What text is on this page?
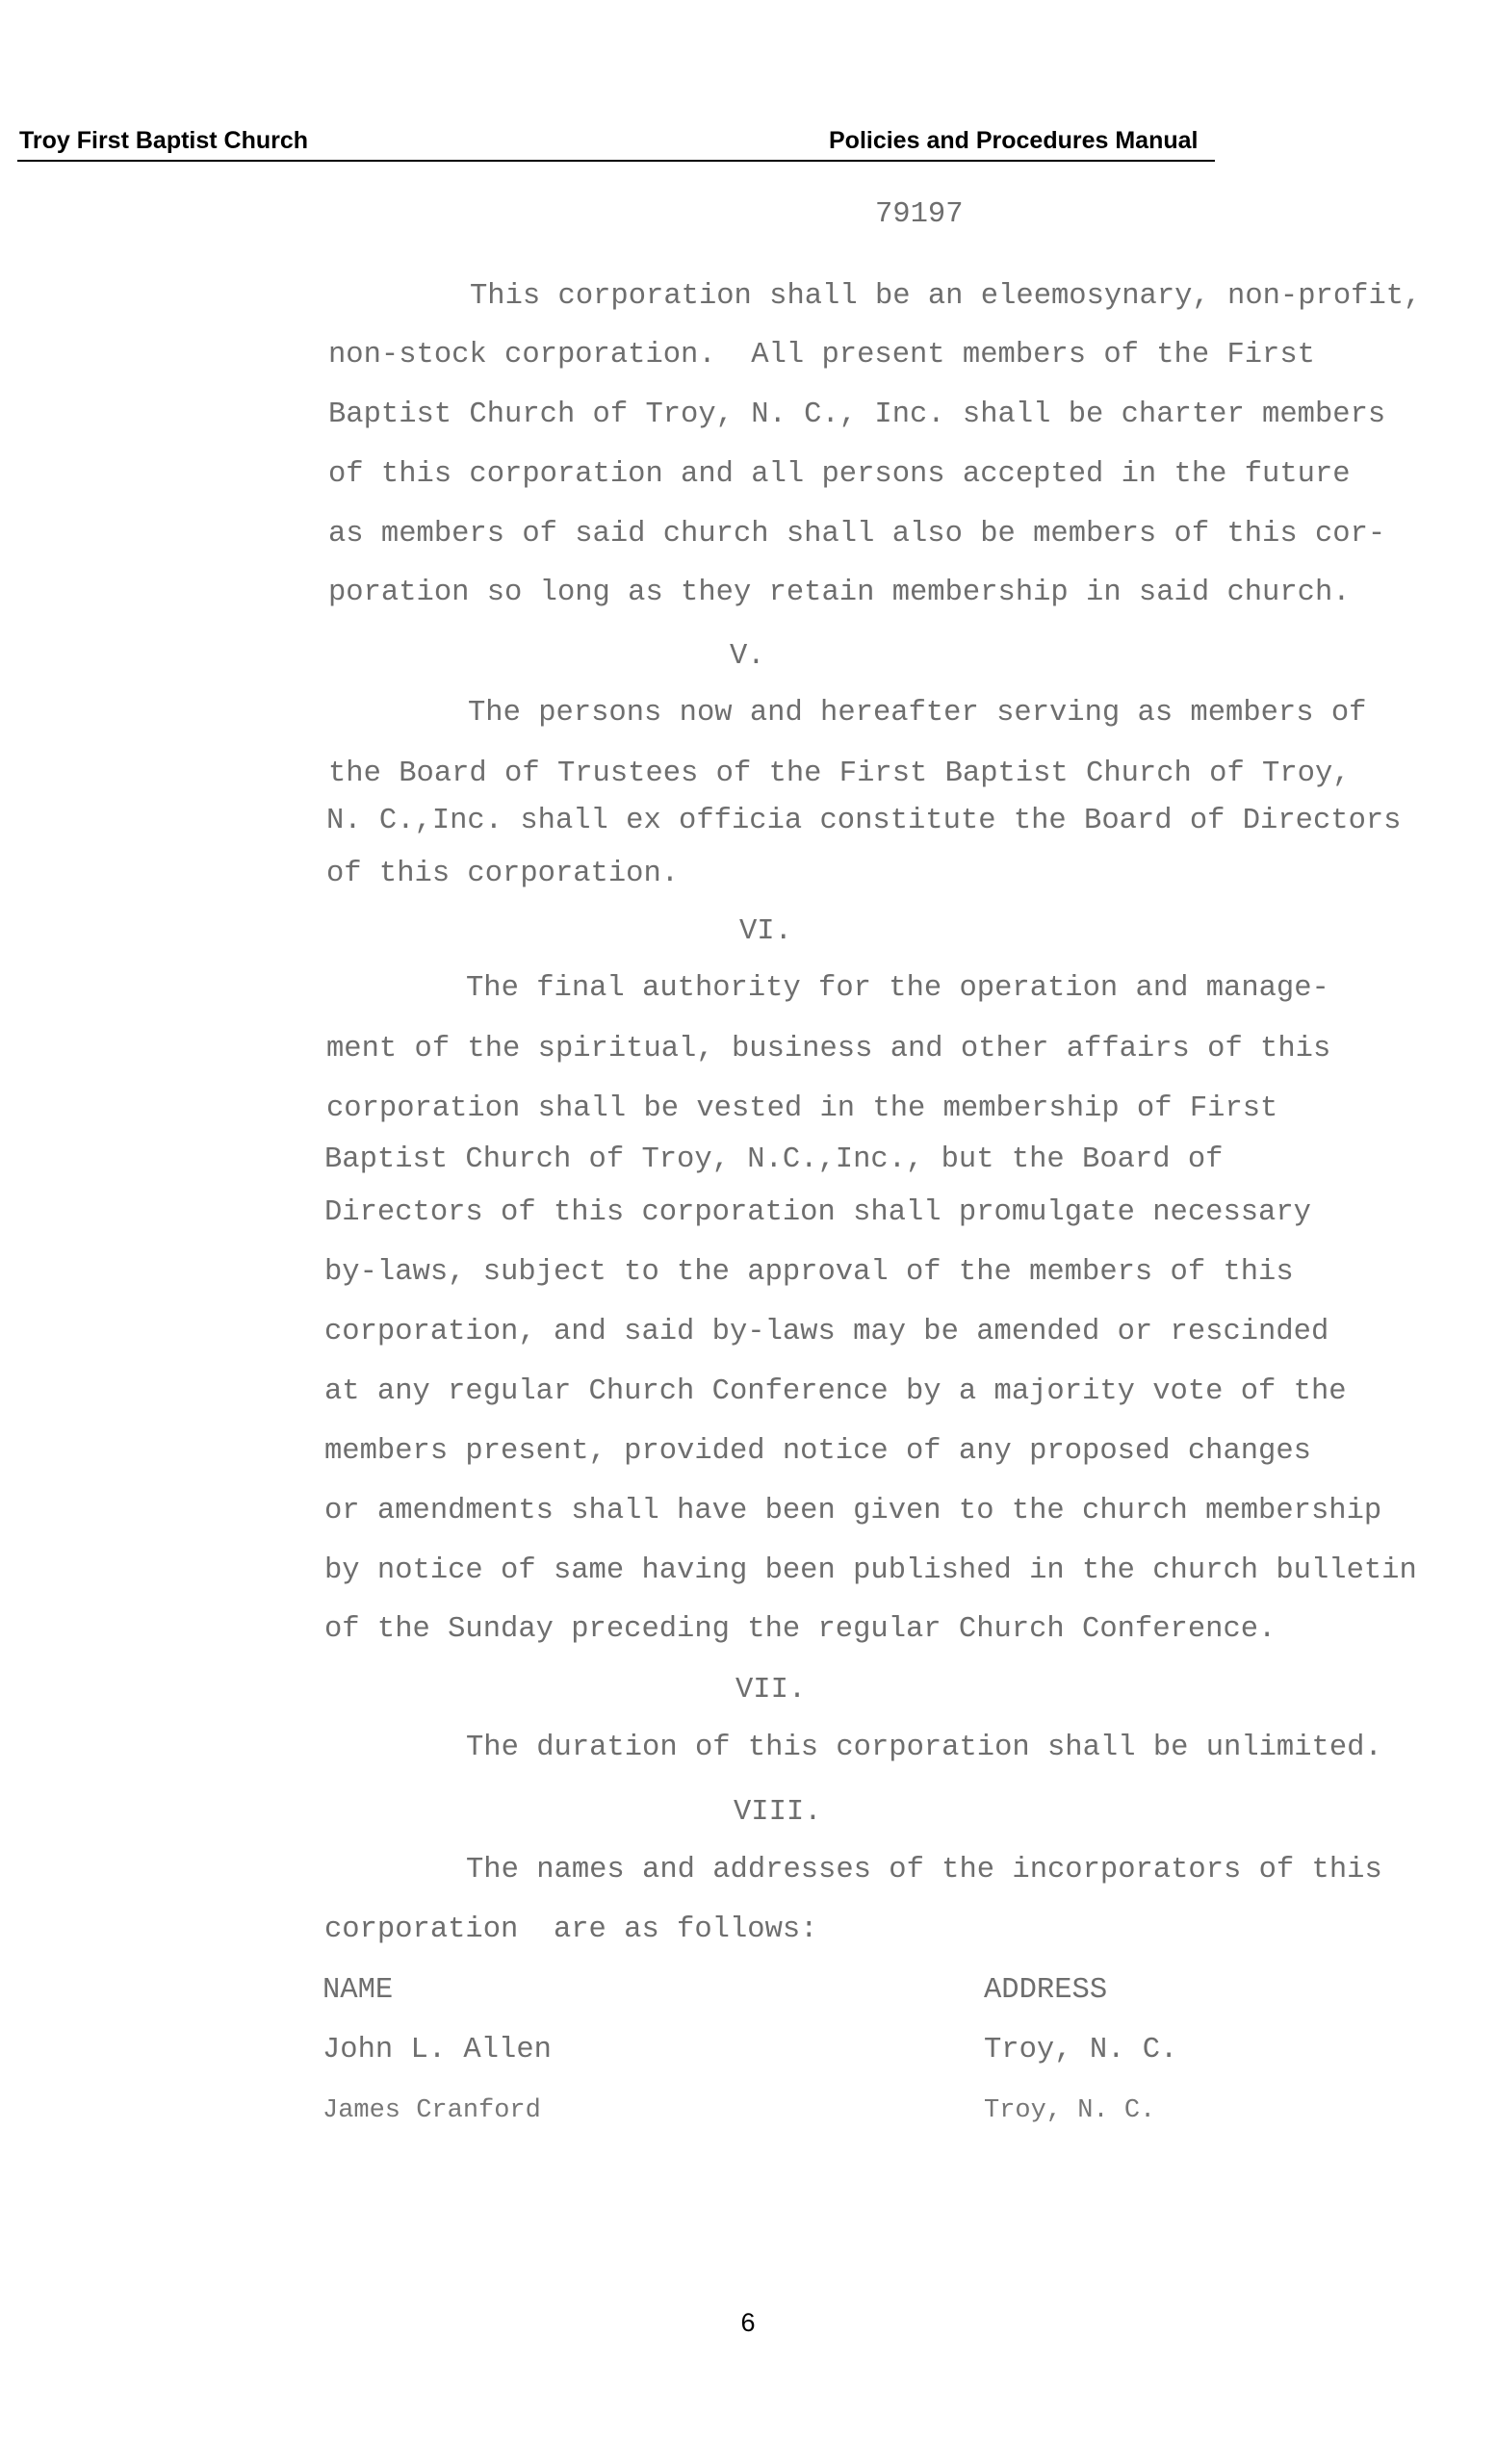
Troy First Baptist Church	Policies and Procedures Manual
79197
This corporation shall be an eleemosynary, non-profit,
non-stock corporation.  All present members of the First
Baptist Church of Troy, N. C., Inc. shall be charter members
of this corporation and all persons accepted in the future
as members of said church shall also be members of this cor-
poration so long as they retain membership in said church.
V.
The persons now and hereafter serving as members of
the Board of Trustees of the First Baptist Church of Troy,
N. C.,Inc. shall ex officia constitute the Board of Directors
of this corporation.
VI.
The final authority for the operation and manage-
ment of the spiritual, business and other affairs of this
corporation shall be vested in the membership of First
Baptist Church of Troy, N.C.,Inc., but the Board of
Directors of this corporation shall promulgate necessary
by-laws, subject to the approval of the members of this
corporation, and said by-laws may be amended or rescinded
at any regular Church Conference by a majority vote of the
members present, provided notice of any proposed changes
or amendments shall have been given to the church membership
by notice of same having been published in the church bulletin
of the Sunday preceding the regular Church Conference.
VII.
The duration of this corporation shall be unlimited.
VIII.
The names and addresses of the incorporators of this
corporation  are as follows:
NAME	ADDRESS
John L. Allen	Troy, N. C.
James Cranford	Troy, N. C.
6
